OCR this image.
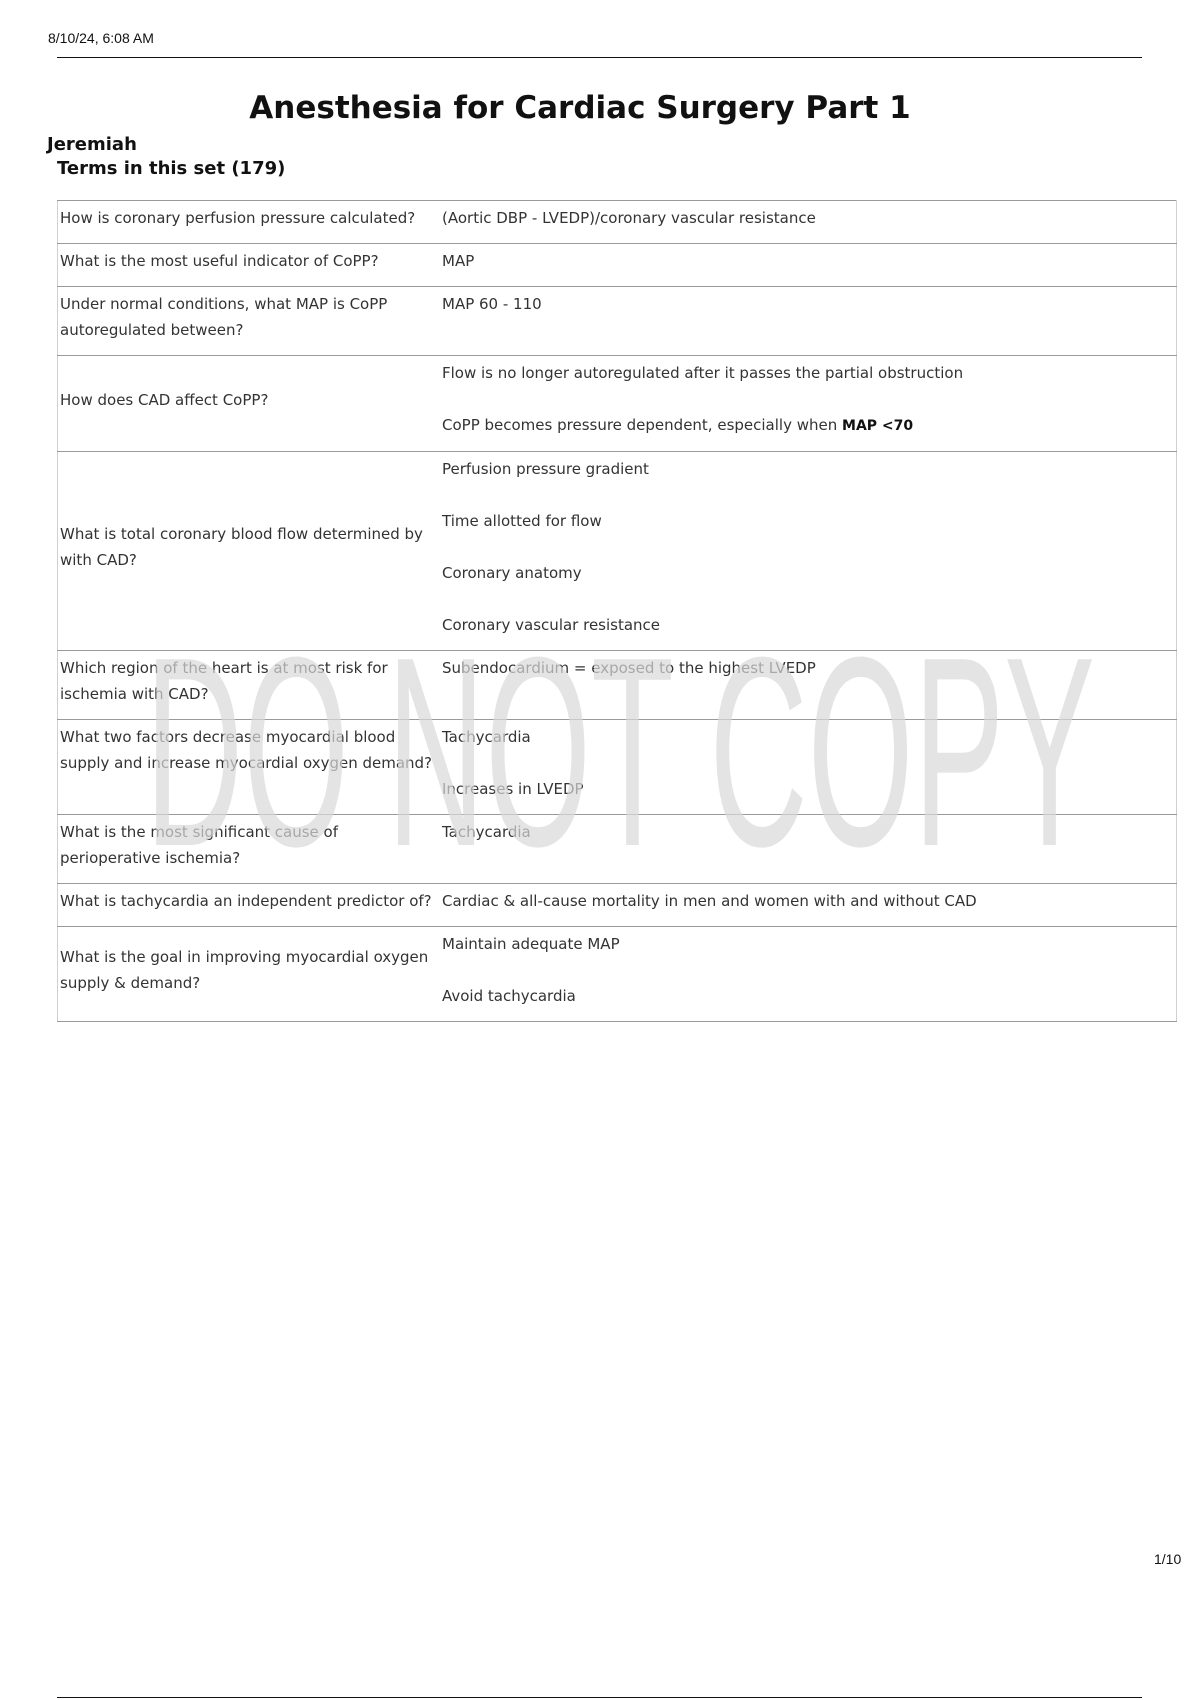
8/10/24, 6:08 AM
Anesthesia for Cardiac Surgery Part 1
Jeremiah
Terms in this set (179)
How is coronary perfusion pressure calculated?	(Aortic DBP - LVEDP)/coronary vascular resistance

What is the most useful indicator of CoPP?	MAP

Under normal conditions, what MAP is CoPP autoregulated between?	MAP 60 - 110

How does CAD affect CoPP?	Flow is no longer autoregulated after it passes the partial obstruction
CoPP becomes pressure dependent, especially when MAP <70

What is total coronary blood flow determined by with CAD?	Perfusion pressure gradient
Time allotted for flow
Coronary anatomy
Coronary vascular resistance

Which region of the heart is at most risk for ischemia with CAD?	Subendocardium = exposed to the highest LVEDP

What two factors decrease myocardial blood supply and increase myocardial oxygen demand?	Tachycardia
Increases in LVEDP

What is the most significant cause of perioperative ischemia?	Tachycardia

What is tachycardia an independent predictor of?	Cardiac & all-cause mortality in men and women with and without CAD

What is the goal in improving myocardial oxygen supply & demand?	Maintain adequate MAP
Avoid tachycardia
DO NOT COPY
1/10
